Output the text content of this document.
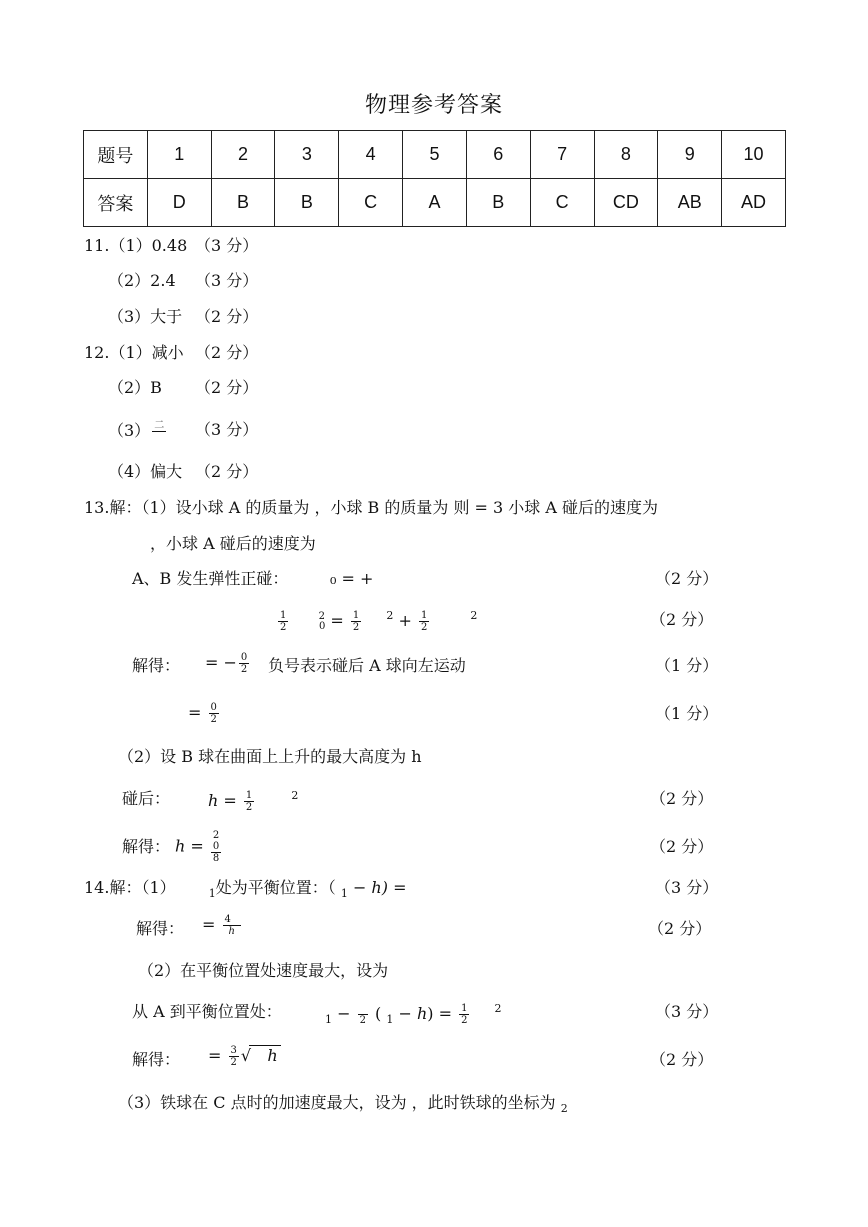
物理参考答案
题号	1	2	3	4	5	6	7	8	9	10
答案	D	B	B	C	A	B	C	CD	AB	AD
11.（1）0.48 （3 分）
（2）2.4 （3 分）
（3）大于 （2 分）
12.（1）减小 （2 分）
（2）B （2 分）
（3） 二
（3 分）
（4）偏大 （2 分）
13.解：（1）设小球 A 的质量为 ，小球 B 的质量为 则 = 3 小球 A 碰后的速度为
，小球 A 碰后的速度为
A、B 发生弹性正碰：	₀ = +	（2 分）
$\frac{1}{2}$	$^20 = \frac{1}{2} ^2 + \frac{1}{2}$	$^2$	（2 分）
解得： = − $\frac{0}{2}$ 负号表示碰后 A 球向左运动	（1 分）
= $\frac{0}{2}$	（1 分）
（2）设 B 球在曲面上上升的最大高度为 h
碰后： $h = \frac{1}{2}$	$^2$	（2 分）
解得： h =
2
0
8
（2 分）
14.解：（1）	$_1$处为平衡位置：（ $_1$ − h) =	（3 分）
解得： = $\frac{4}{h}$	（2 分）
（2）在平衡位置处速度最大，设为
从 A 到平衡位置处：	$_1$ −
2 ( $_1 - h) = \frac{1}{2} ^2$	（3 分）
解得： = $\frac{3}{2}$ √ h	（2 分）
（3）铁球在 C 点时的加速度最大，设为 ，此时铁球的坐标为 $_2$
